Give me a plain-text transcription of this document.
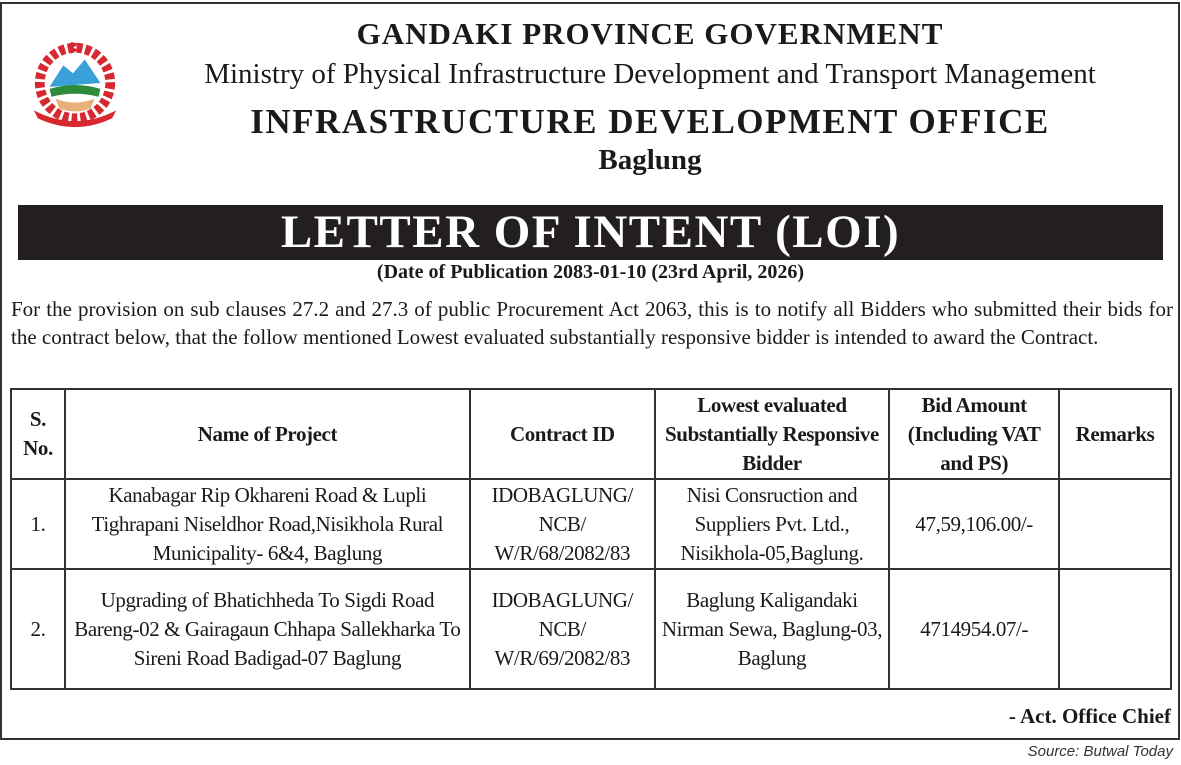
GANDAKI PROVINCE GOVERNMENT
Ministry of Physical Infrastructure Development and Transport Management
INFRASTRUCTURE DEVELOPMENT OFFICE
Baglung
LETTER OF INTENT (LOI)
(Date of Publication 2083-01-10 (23rd April, 2026)
For the provision on sub clauses 27.2 and 27.3 of public Procurement Act 2063, this is to notify all Bidders who submitted their bids for the contract below, that the follow mentioned Lowest evaluated substantially responsive bidder is intended to award the Contract.
S. No.	Name of Project	Contract ID	Lowest evaluated Substantially Responsive Bidder	Bid Amount (Including VAT and PS)	Remarks
1.	Kanabagar Rip Okhareni Road & Lupli Tighrapani Niseldhor Road,Nisikhola Rural Municipality- 6&4, Baglung	IDOBAGLUNG/ NCB/ W/R/68/2082/83	Nisi Consruction and Suppliers Pvt. Ltd., Nisikhola-05,Baglung.	47,59,106.00/-	
2.	Upgrading of Bhatichheda To Sigdi Road Bareng-02 & Gairagaun Chhapa Sallekharka To Sireni Road Badigad-07 Baglung	IDOBAGLUNG/ NCB/ W/R/69/2082/83	Baglung Kaligandaki Nirman Sewa, Baglung-03, Baglung	4714954.07/-	
- Act. Office Chief
Source: Butwal Today
